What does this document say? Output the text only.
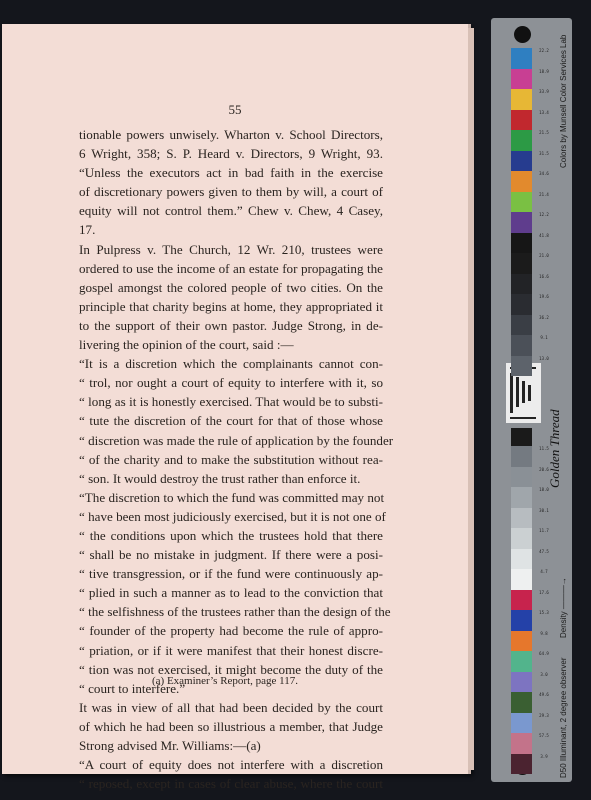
55
tionable powers unwisely. Wharton v. School Directors,
6 Wright, 358; S. P. Heard v. Directors, 9 Wright, 93.
“Unless the executors act in bad faith in the exercise
of discretionary powers given to them by will, a court of
equity will not control them.” Chew v. Chew, 4 Casey,
17.
In Pulpress v. The Church, 12 Wr. 210, trustees were
ordered to use the income of an estate for propagating the
gospel amongst the colored people of two cities. On the
principle that charity begins at home, they appropriated it
to the support of their own pastor. Judge Strong, in de-
livering the opinion of the court, said :—
“It is a discretion which the complainants cannot con-
“ trol, nor ought a court of equity to interfere with it, so
“ long as it is honestly exercised. That would be to substi-
“ tute the discretion of the court for that of those whose
“ discretion was made the rule of application by the founder
“ of the charity and to make the substitution without rea-
“ son. It would destroy the trust rather than enforce it.
“The discretion to which the fund was committed may not
“ have been most judiciously exercised, but it is not one of
“ the conditions upon which the trustees hold that there
“ shall be no mistake in judgment. If there were a posi-
“ tive transgression, or if the fund were continuously ap-
“ plied in such a manner as to lead to the conviction that
“ the selfishness of the trustees rather than the design of the
“ founder of the property had become the rule of appro-
“ priation, or if it were manifest that their honest discre-
“ tion was not exercised, it might become the duty of the
“ court to interfere.”
It was in view of all that had been decided by the court
of which he had been so illustrious a member, that Judge
Strong advised Mr. Williams:—(a)
“A court of equity does not interfere with a discretion
“ reposed, except in cases of clear abuse, where the court
(a) Examiner’s Report, page 117.
22.2
18.9
33.9
13.4
21.5
31.5
34.6
21.4
12.2
41.8
21.0
16.6
19.6
36.2
9.1
13.0
11.5
20.6
18.0
30.1
11.7
47.5
4.7
17.6
15.3
9.8
64.9
3.0
49.6
29.3
57.5
3.9
Colors by Munsell Color Services Lab
Golden Thread
Density ———→
D50 Illuminant, 2 degree observer
